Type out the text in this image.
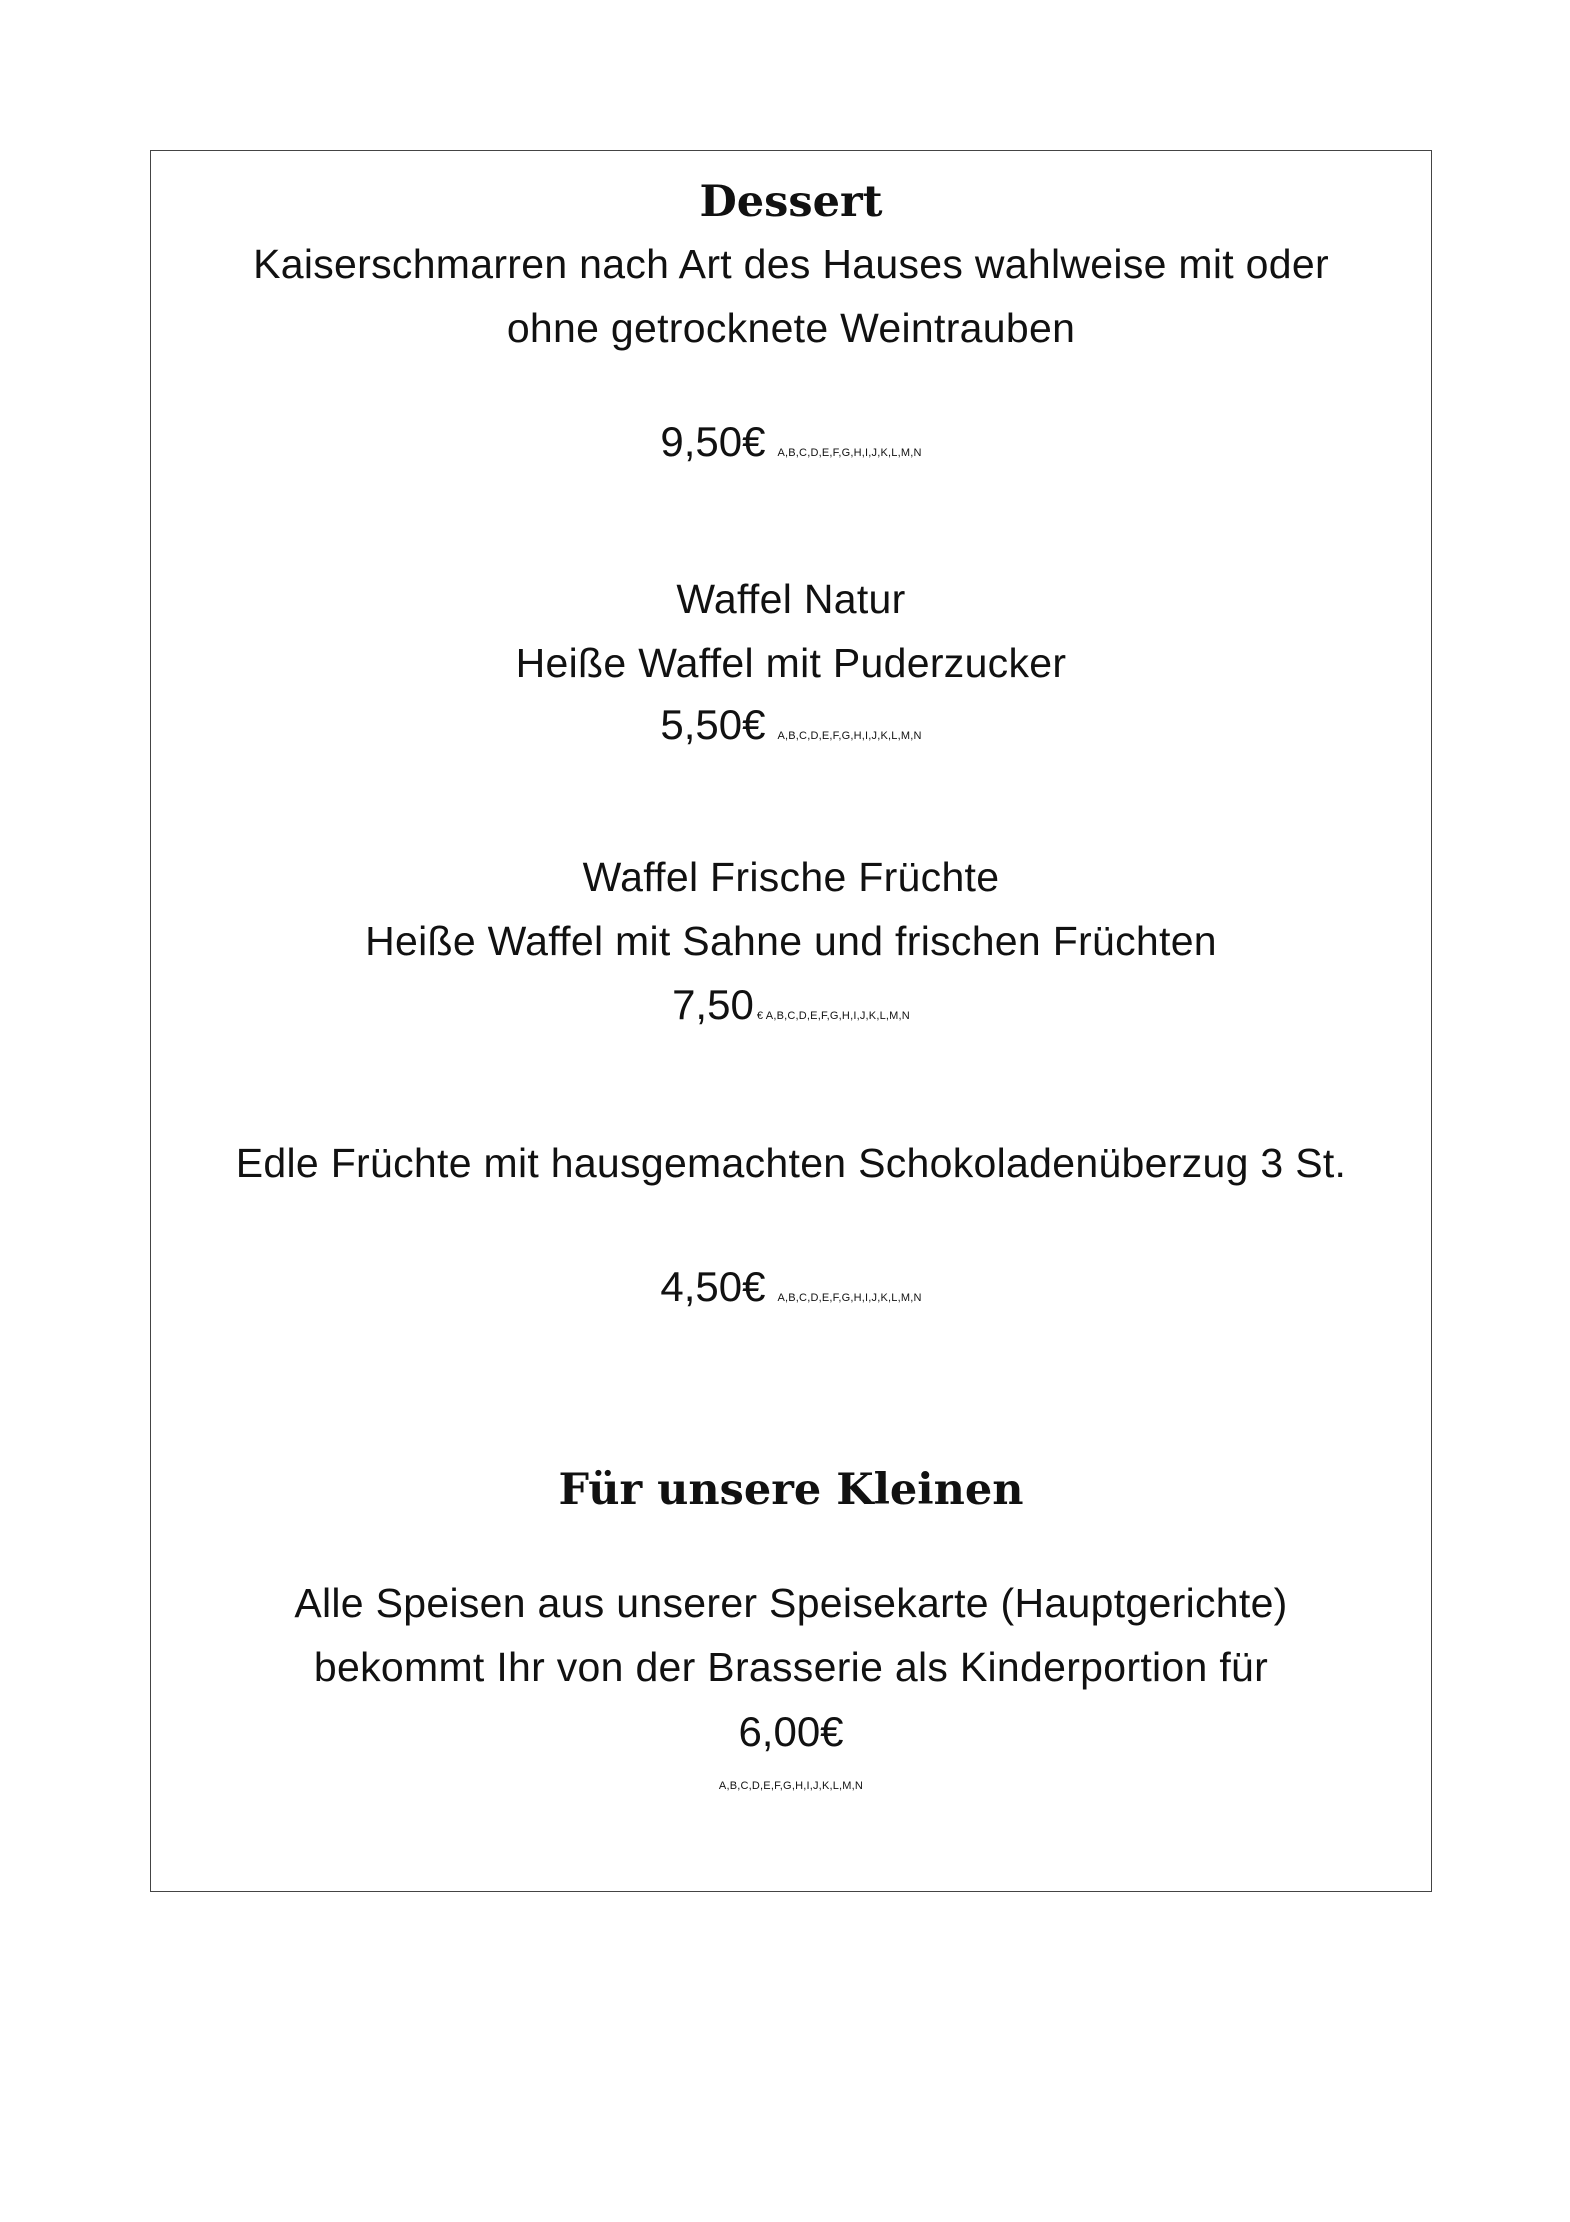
Dessert
Kaiserschmarren nach Art des Hauses wahlweise mit oder
ohne getrocknete Weintrauben
9,50€ A,B,C,D,E,F,G,H,I,J,K,L,M,N
Waffel Natur
Heiße Waffel mit Puderzucker
5,50€ A,B,C,D,E,F,G,H,I,J,K,L,M,N
Waffel Frische Früchte
Heiße Waffel mit Sahne und frischen Früchten
7,50 € A,B,C,D,E,F,G,H,I,J,K,L,M,N
Edle Früchte mit hausgemachten Schokoladenüberzug 3 St.
4,50€ A,B,C,D,E,F,G,H,I,J,K,L,M,N
Für unsere Kleinen
Alle Speisen aus unserer Speisekarte (Hauptgerichte)
bekommt Ihr von der Brasserie als Kinderportion für
6,00€
A,B,C,D,E,F,G,H,I,J,K,L,M,N
